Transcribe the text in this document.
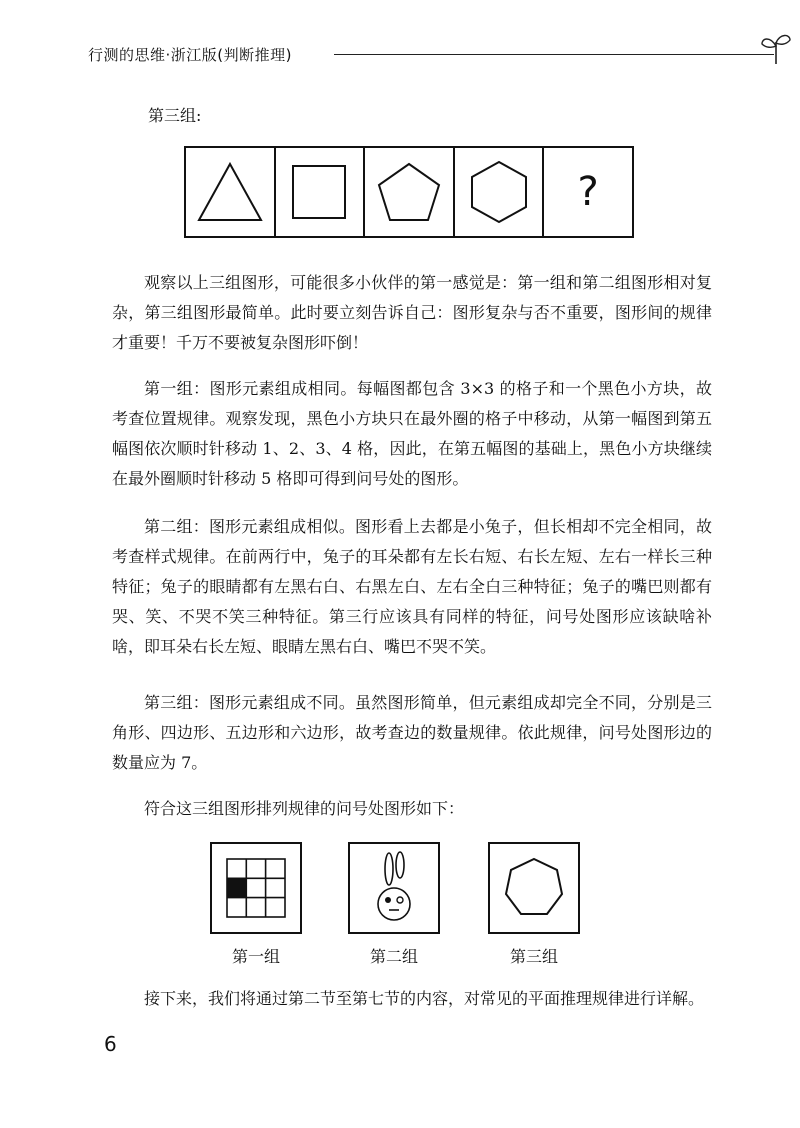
行测的思维·浙江版(判断推理)
第三组:
?

观察以上三组图形，可能很多小伙伴的第一感觉是：第一组和第二组图形相对复杂，第三组图形最简单。此时要立刻告诉自己：图形复杂与否不重要，图形间的规律才重要！千万不要被复杂图形吓倒！

第一组：图形元素组成相同。每幅图都包含 3×3 的格子和一个黑色小方块，故考查位置规律。观察发现，黑色小方块只在最外圈的格子中移动，从第一幅图到第五幅图依次顺时针移动 1、2、3、4 格，因此，在第五幅图的基础上，黑色小方块继续在最外圈顺时针移动 5 格即可得到问号处的图形。

第二组：图形元素组成相似。图形看上去都是小兔子，但长相却不完全相同，故考查样式规律。在前两行中，兔子的耳朵都有左长右短、右长左短、左右一样长三种特征；兔子的眼睛都有左黑右白、右黑左白、左右全白三种特征；兔子的嘴巴则都有哭、笑、不哭不笑三种特征。第三行应该具有同样的特征，问号处图形应该缺啥补啥，即耳朵右长左短、眼睛左黑右白、嘴巴不哭不笑。

第三组：图形元素组成不同。虽然图形简单，但元素组成却完全不同，分别是三角形、四边形、五边形和六边形，故考查边的数量规律。依此规律，问号处图形边的数量应为 7。

符合这三组图形排列规律的问号处图形如下：

第一组	第二组	第三组

接下来，我们将通过第二节至第七节的内容，对常见的平面推理规律进行详解。

6
